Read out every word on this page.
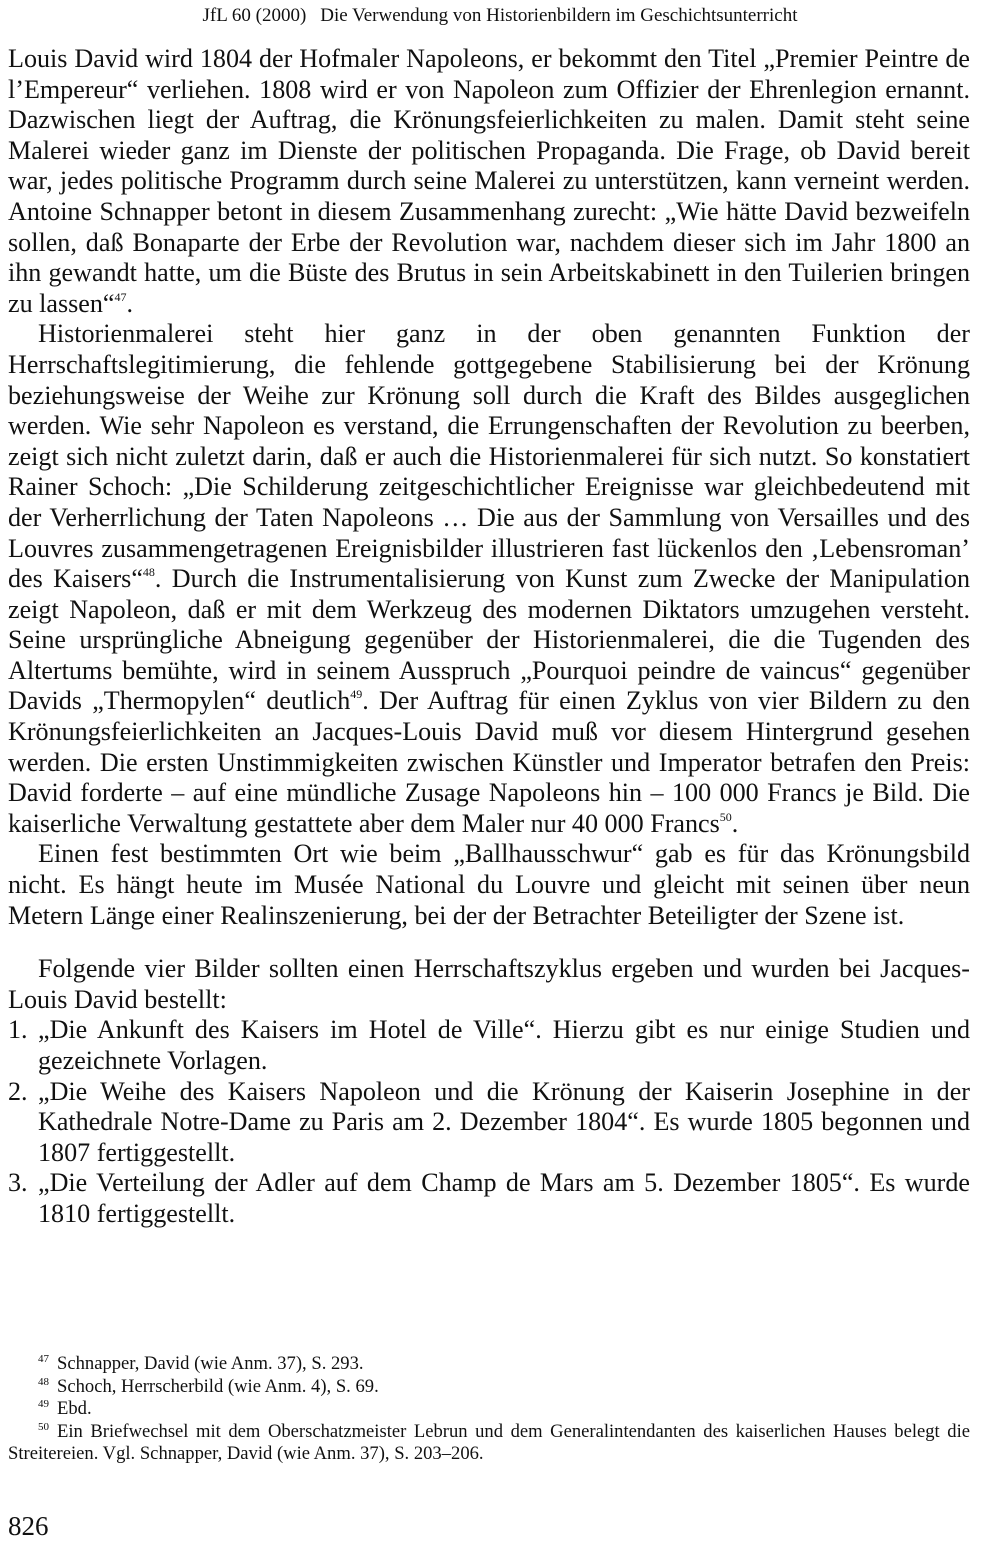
JfL 60 (2000) Die Verwendung von Historienbildern im Geschichtsunterricht

Louis David wird 1804 der Hofmaler Napoleons, er bekommt den Titel „Premier Peintre de l’Empereur“ verliehen. 1808 wird er von Napoleon zum Offizier der Ehrenlegion ernannt. Dazwischen liegt der Auftrag, die Krönungsfeierlichkeiten zu malen. Damit steht seine Malerei wieder ganz im Dienste der politischen Propaganda. Die Frage, ob David bereit war, jedes politische Programm durch seine Malerei zu unterstützen, kann verneint werden. Antoine Schnapper betont in diesem Zusammenhang zurecht: „Wie hätte David bezweifeln sollen, daß Bonaparte der Erbe der Revolution war, nachdem dieser sich im Jahr 1800 an ihn gewandt hatte, um die Büste des Brutus in sein Arbeitskabinett in den Tuilerien bringen zu lassen“$^{47}$.

Historienmalerei steht hier ganz in der oben genannten Funktion der Herrschaftslegitimierung, die fehlende gottgegebene Stabilisierung bei der Krönung beziehungsweise der Weihe zur Krönung soll durch die Kraft des Bildes ausgeglichen werden. Wie sehr Napoleon es verstand, die Errungenschaften der Revolution zu beerben, zeigt sich nicht zuletzt darin, daß er auch die Historienmalerei für sich nutzt. So konstatiert Rainer Schoch: „Die Schilderung zeitgeschichtlicher Ereignisse war gleichbedeutend mit der Verherrlichung der Taten Napoleons … Die aus der Sammlung von Versailles und des Louvres zusammengetragenen Ereignisbilder illustrieren fast lückenlos den ‚Lebensroman’ des Kaisers“$^{48}$. Durch die Instrumentalisierung von Kunst zum Zwecke der Manipulation zeigt Napoleon, daß er mit dem Werkzeug des modernen Diktators umzugehen versteht. Seine ursprüngliche Abneigung gegenüber der Historienmalerei, die die Tugenden des Altertums bemühte, wird in seinem Ausspruch „Pourquoi peindre de vaincus“ gegenüber Davids „Thermopylen“ deutlich$^{49}$. Der Auftrag für einen Zyklus von vier Bildern zu den Krönungsfeierlichkeiten an Jacques-Louis David muß vor diesem Hintergrund gesehen werden. Die ersten Unstimmigkeiten zwischen Künstler und Imperator betrafen den Preis: David forderte – auf eine mündliche Zusage Napoleons hin – 100 000 Francs je Bild. Die kaiserliche Verwaltung gestattete aber dem Maler nur 40 000 Francs$^{50}$.

Einen fest bestimmten Ort wie beim „Ballhausschwur“ gab es für das Krönungsbild nicht. Es hängt heute im Musée National du Louvre und gleicht mit seinen über neun Metern Länge einer Realinszenierung, bei der der Betrachter Beteiligter der Szene ist.

Folgende vier Bilder sollten einen Herrschaftszyklus ergeben und wurden bei Jacques-Louis David bestellt:

1. „Die Ankunft des Kaisers im Hotel de Ville“. Hierzu gibt es nur einige Studien und gezeichnete Vorlagen.
2. „Die Weihe des Kaisers Napoleon und die Krönung der Kaiserin Josephine in der Kathedrale Notre-Dame zu Paris am 2. Dezember 1804“. Es wurde 1805 begonnen und 1807 fertiggestellt.
3. „Die Verteilung der Adler auf dem Champ de Mars am 5. Dezember 1805“. Es wurde 1810 fertiggestellt.
$^{47}$ Schnapper, David (wie Anm. 37), S. 293.
$^{48}$ Schoch, Herrscherbild (wie Anm. 4), S. 69.
$^{49}$ Ebd.
$^{50}$ Ein Briefwechsel mit dem Oberschatzmeister Lebrun und dem Generalintendanten des kaiserlichen Hauses belegt die Streitereien. Vgl. Schnapper, David (wie Anm. 37), S. 203–206.
826
